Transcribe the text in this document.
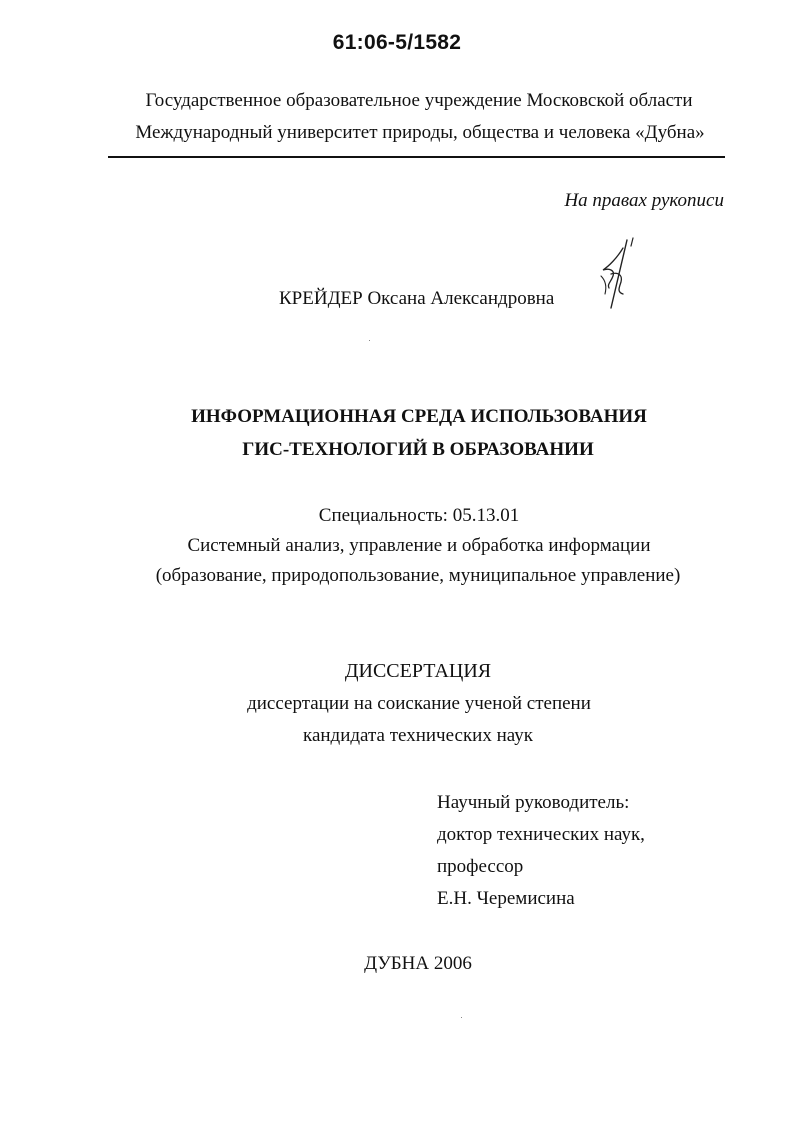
61:06-5/1582
Государственное образовательное учреждение Московской области
Международный университет природы, общества и человека «Дубна»
На правах рукописи
КРЕЙДЕР Оксана Александровна
ИНФОРМАЦИОННАЯ СРЕДА ИСПОЛЬЗОВАНИЯ
ГИС-ТЕХНОЛОГИЙ В ОБРАЗОВАНИИ
Специальность: 05.13.01
Системный анализ, управление и обработка информации
(образование, природопользование, муниципальное управление)
ДИССЕРТАЦИЯ
диссертации на соискание ученой степени
кандидата технических наук
Научный руководитель:
доктор технических наук,
профессор
Е.Н. Черемисина
ДУБНА 2006
